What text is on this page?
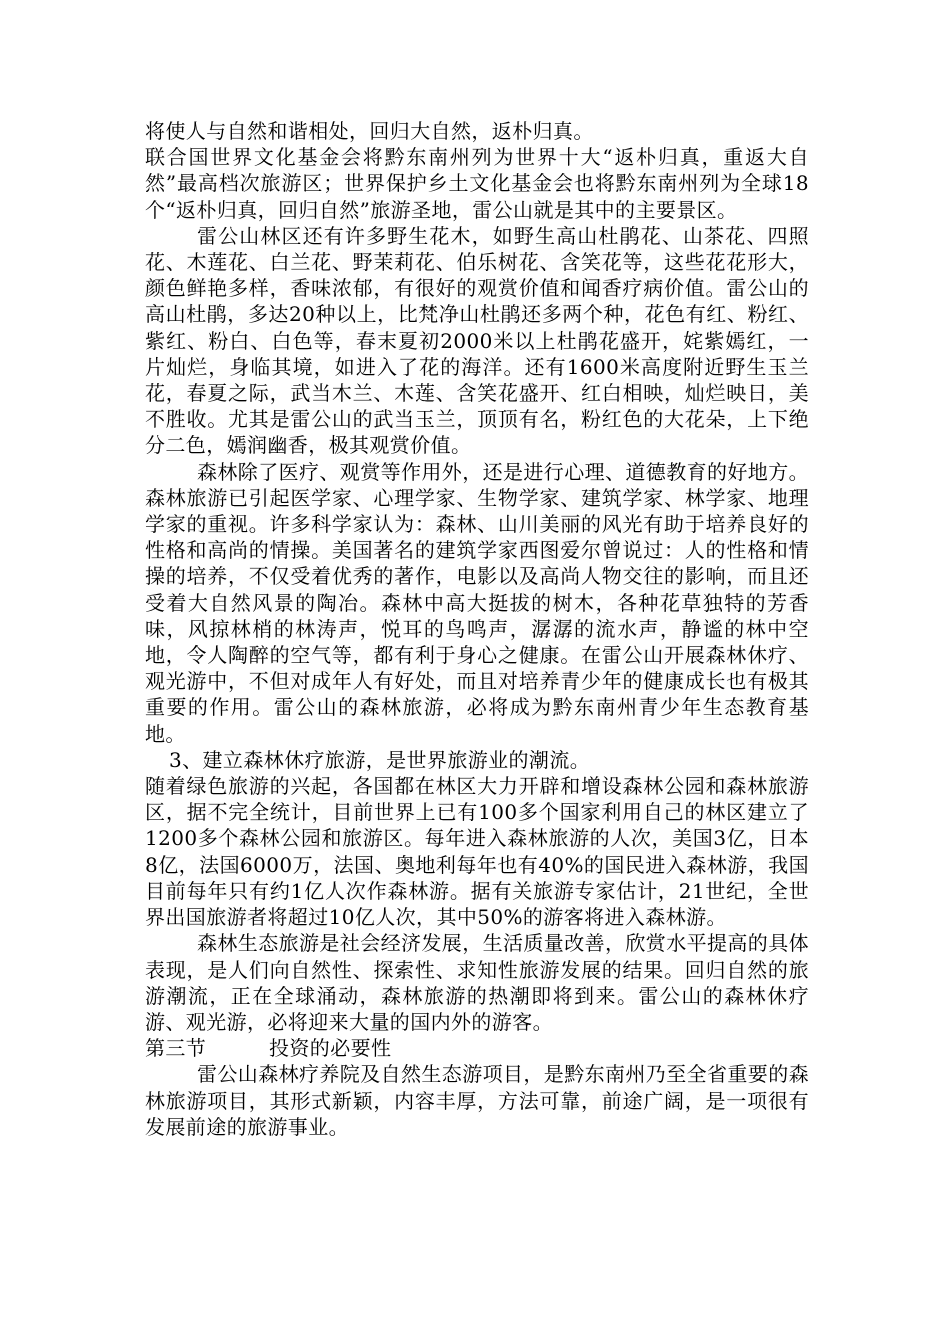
将使人与自然和谐相处，回归大自然，返朴归真。

联合国世界文化基金会将黔东南州列为世界十大“返朴归真，重返大自然”最高档次旅游区；世界保护乡土文化基金会也将黔东南州列为全球18个“返朴归真，回归自然”旅游圣地，雷公山就是其中的主要景区。

雷公山林区还有许多野生花木，如野生高山杜鹃花、山茶花、四照花、木莲花、白兰花、野茉莉花、伯乐树花、含笑花等，这些花花形大，颜色鲜艳多样，香味浓郁，有很好的观赏价值和闻香疗病价值。雷公山的高山杜鹃，多达20种以上，比梵净山杜鹃还多两个种，花色有红、粉红、紫红、粉白、白色等，春末夏初2000米以上杜鹃花盛开，姹紫嫣红，一片灿烂，身临其境，如进入了花的海洋。还有1600米高度附近野生玉兰花，春夏之际，武当木兰、木莲、含笑花盛开、红白相映，灿烂映日，美不胜收。尤其是雷公山的武当玉兰，顶顶有名，粉红色的大花朵，上下绝分二色，嫣润幽香，极其观赏价值。

森林除了医疗、观赏等作用外，还是进行心理、道德教育的好地方。森林旅游已引起医学家、心理学家、生物学家、建筑学家、林学家、地理学家的重视。许多科学家认为：森林、山川美丽的风光有助于培养良好的性格和高尚的情操。美国著名的建筑学家西图爱尔曾说过：人的性格和情操的培养，不仅受着优秀的著作，电影以及高尚人物交往的影响，而且还受着大自然风景的陶冶。森林中高大挺拔的树木，各种花草独特的芳香味，风掠林梢的林涛声，悦耳的鸟鸣声，潺潺的流水声，静谧的林中空地，令人陶醉的空气等，都有利于身心之健康。在雷公山开展森林休疗、观光游中，不但对成年人有好处，而且对培养青少年的健康成长也有极其重要的作用。雷公山的森林旅游，必将成为黔东南州青少年生态教育基地。

3、建立森林休疗旅游，是世界旅游业的潮流。

随着绿色旅游的兴起，各国都在林区大力开辟和增设森林公园和森林旅游区，据不完全统计，目前世界上已有100多个国家利用自己的林区建立了1200多个森林公园和旅游区。每年进入森林旅游的人次，美国3亿，日本8亿，法国6000万，法国、奥地利每年也有40%的国民进入森林游，我国目前每年只有约1亿人次作森林游。据有关旅游专家估计，21世纪，全世界出国旅游者将超过10亿人次，其中50%的游客将进入森林游。

森林生态旅游是社会经济发展，生活质量改善，欣赏水平提高的具体表现，是人们向自然性、探索性、求知性旅游发展的结果。回归自然的旅游潮流，正在全球涌动，森林旅游的热潮即将到来。雷公山的森林休疗游、观光游，必将迎来大量的国内外的游客。

第三节	投资的必要性

雷公山森林疗养院及自然生态游项目，是黔东南州乃至全省重要的森林旅游项目，其形式新颖，内容丰厚，方法可靠，前途广阔，是一项很有发展前途的旅游事业。
